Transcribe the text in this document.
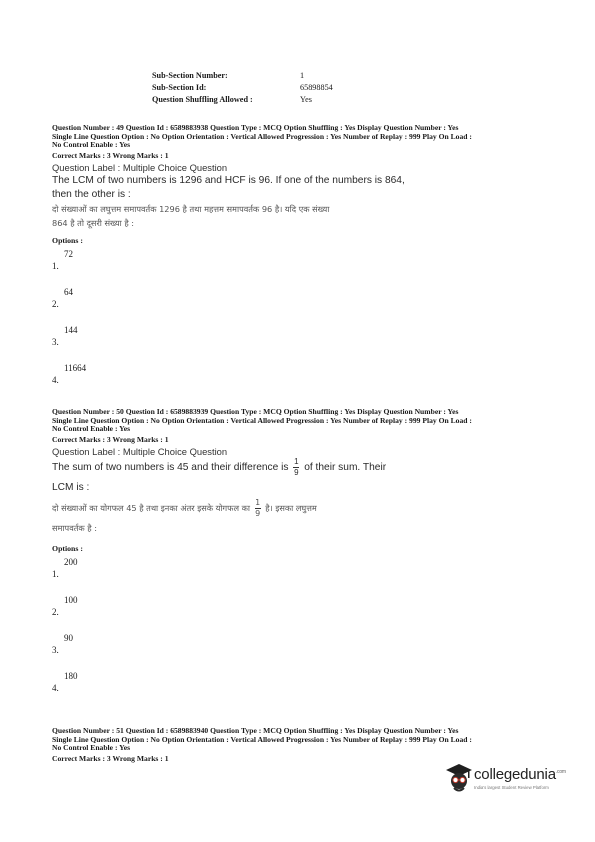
Sub-Section Number:	1
Sub-Section Id:	65898854
Question Shuffling Allowed :	Yes
Question Number : 49 Question Id : 6589883938 Question Type : MCQ Option Shuffling : Yes Display Question Number : Yes
Single Line Question Option : No Option Orientation : Vertical Allowed Progression : Yes Number of Replay : 999 Play On Load :
No Control Enable : Yes
Correct Marks : 3 Wrong Marks : 1
Question Label : Multiple Choice Question
The LCM of two numbers is 1296 and HCF is 96. If one of the numbers is 864,
then the other is :
दो संख्याओं का लघुत्तम समापवर्तक 1296 है तथा महत्तम समापवर्तक 96 है। यदि एक संख्या
864 है तो दूसरी संख्या है :
Options :
1.
72
2.
64
3.
144
4.
11664
Question Number : 50 Question Id : 6589883939 Question Type : MCQ Option Shuffling : Yes Display Question Number : Yes
Single Line Question Option : No Option Orientation : Vertical Allowed Progression : Yes Number of Replay : 999 Play On Load :
No Control Enable : Yes
Correct Marks : 3 Wrong Marks : 1
Question Label : Multiple Choice Question
The sum of two numbers is 45 and their difference is $\frac{1}{9}$ of their sum. Their
LCM is :
दो संख्याओं का योगफल 45 है तथा इनका अंतर इसके योगफल का $\frac{1}{9}$ है। इसका लघुत्तम
समापवर्तक है :
Options :
1.
200
2.
100
3.
90
4.
180
Question Number : 51 Question Id : 6589883940 Question Type : MCQ Option Shuffling : Yes Display Question Number : Yes
Single Line Question Option : No Option Orientation : Vertical Allowed Progression : Yes Number of Replay : 999 Play On Load :
No Control Enable : Yes
Correct Marks : 3 Wrong Marks : 1
collegedunia$^{.com}$
India's largest Student Review Platform
